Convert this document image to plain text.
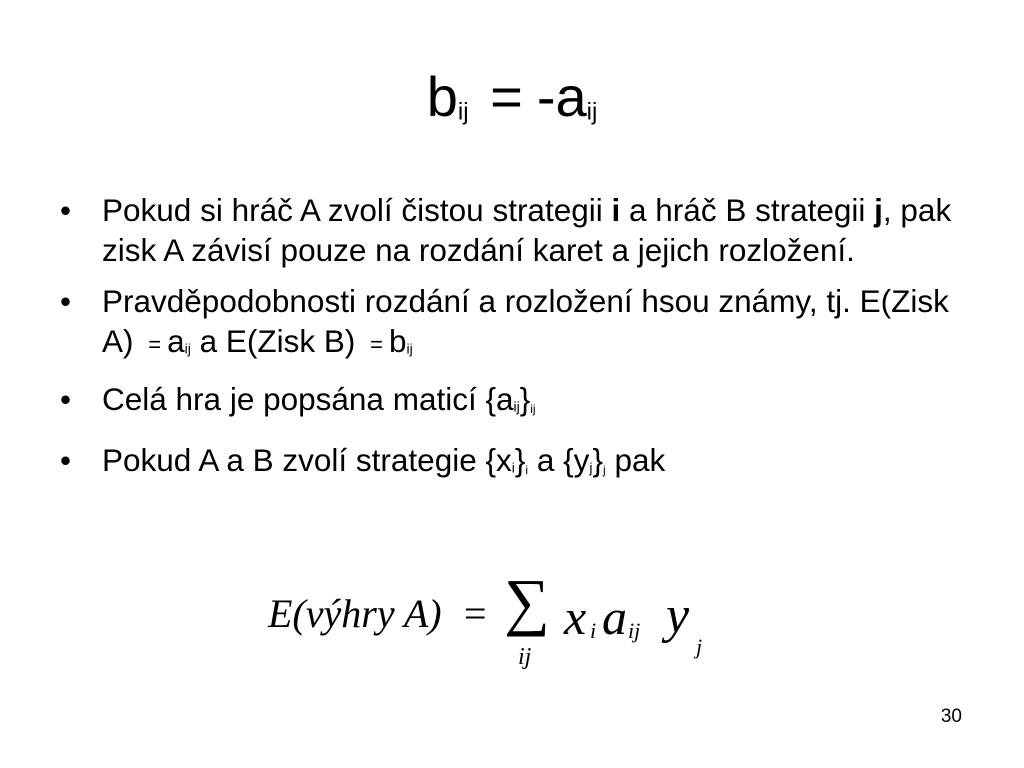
bij = -aij
• Pokud si hráč A zvolí čistou strategii i a hráč B strategii j, pak zisk A závisí pouze na rozdání karet a jejich rozložení.
• Pravděpodobnosti rozdání a rozložení hsou známy, tj. E(Zisk A) = aij a E(Zisk B) = bij
• Celá hra je popsána maticí {aij}ij
• Pokud A a B zvolí strategie {xi}i a {yj}j pak
E(výhry A) = ∑
ij
x i a ij y
j
30
